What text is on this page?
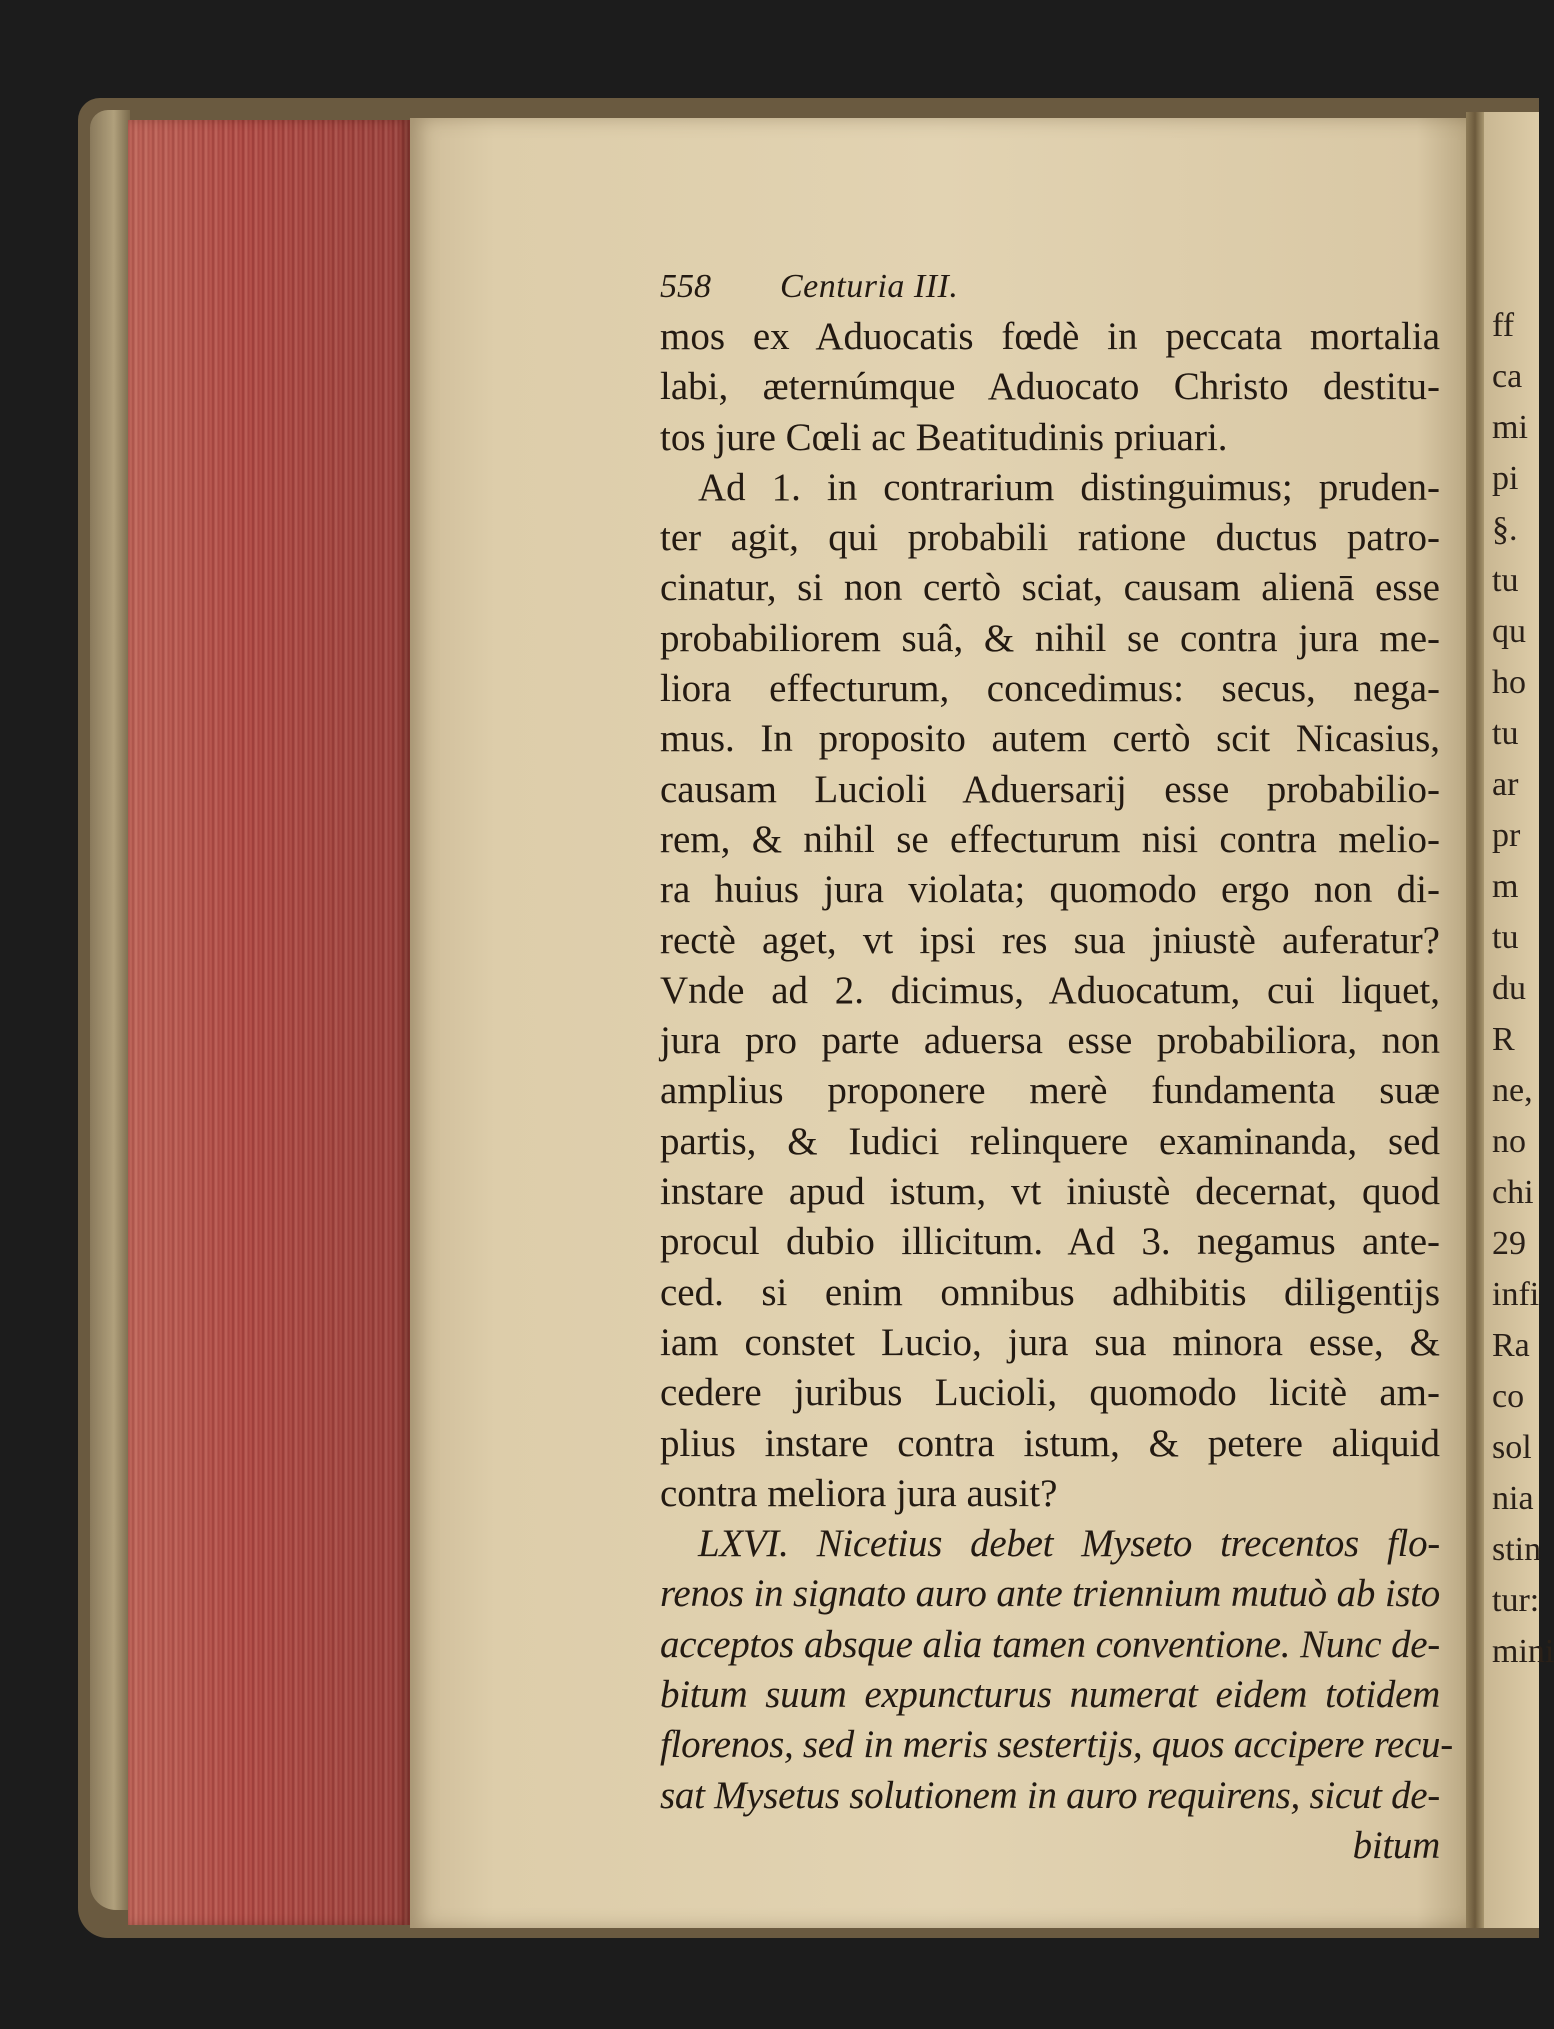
ff
ca
mi
pi
§.
tu
qu
ho
tu
ar
pr
m
tu
du
R
ne,
no
chi
29
infi
Ra
co
sol
nia
stin
tur:
mini
558	Centuria III.
mos ex Aduocatis fœdè in peccata mortalia
labi, æternúmque Aduocato Christo destitu-
tos jure Cœli ac Beatitudinis priuari.
Ad 1. in contrarium distinguimus; pruden-
ter agit, qui probabili ratione ductus patro-
cinatur, si non certò sciat, causam alienā esse
probabiliorem suâ, & nihil se contra jura me-
liora effecturum, concedimus: secus, nega-
mus. In proposito autem certò scit Nicasius,
causam Lucioli Aduersarij esse probabilio-
rem, & nihil se effecturum nisi contra melio-
ra huius jura violata; quomodo ergo non di-
rectè aget, vt ipsi res sua jniustè auferatur?
Vnde ad 2. dicimus, Aduocatum, cui liquet,
jura pro parte aduersa esse probabiliora, non
amplius proponere merè fundamenta suæ
partis, & Iudici relinquere examinanda, sed
instare apud istum, vt iniustè decernat, quod
procul dubio illicitum. Ad 3. negamus ante-
ced. si enim omnibus adhibitis diligentijs
iam constet Lucio, jura sua minora esse, &
cedere juribus Lucioli, quomodo licitè am-
plius instare contra istum, & petere aliquid
contra meliora jura ausit?
LXVI. Nicetius debet Myseto trecentos flo-
renos in signato auro ante triennium mutuò ab isto
acceptos absque alia tamen conventione. Nunc de-
bitum suum expuncturus numerat eidem totidem
florenos, sed in meris sestertijs, quos accipere recu-
sat Mysetus solutionem in auro requirens, sicut de-
bitum
